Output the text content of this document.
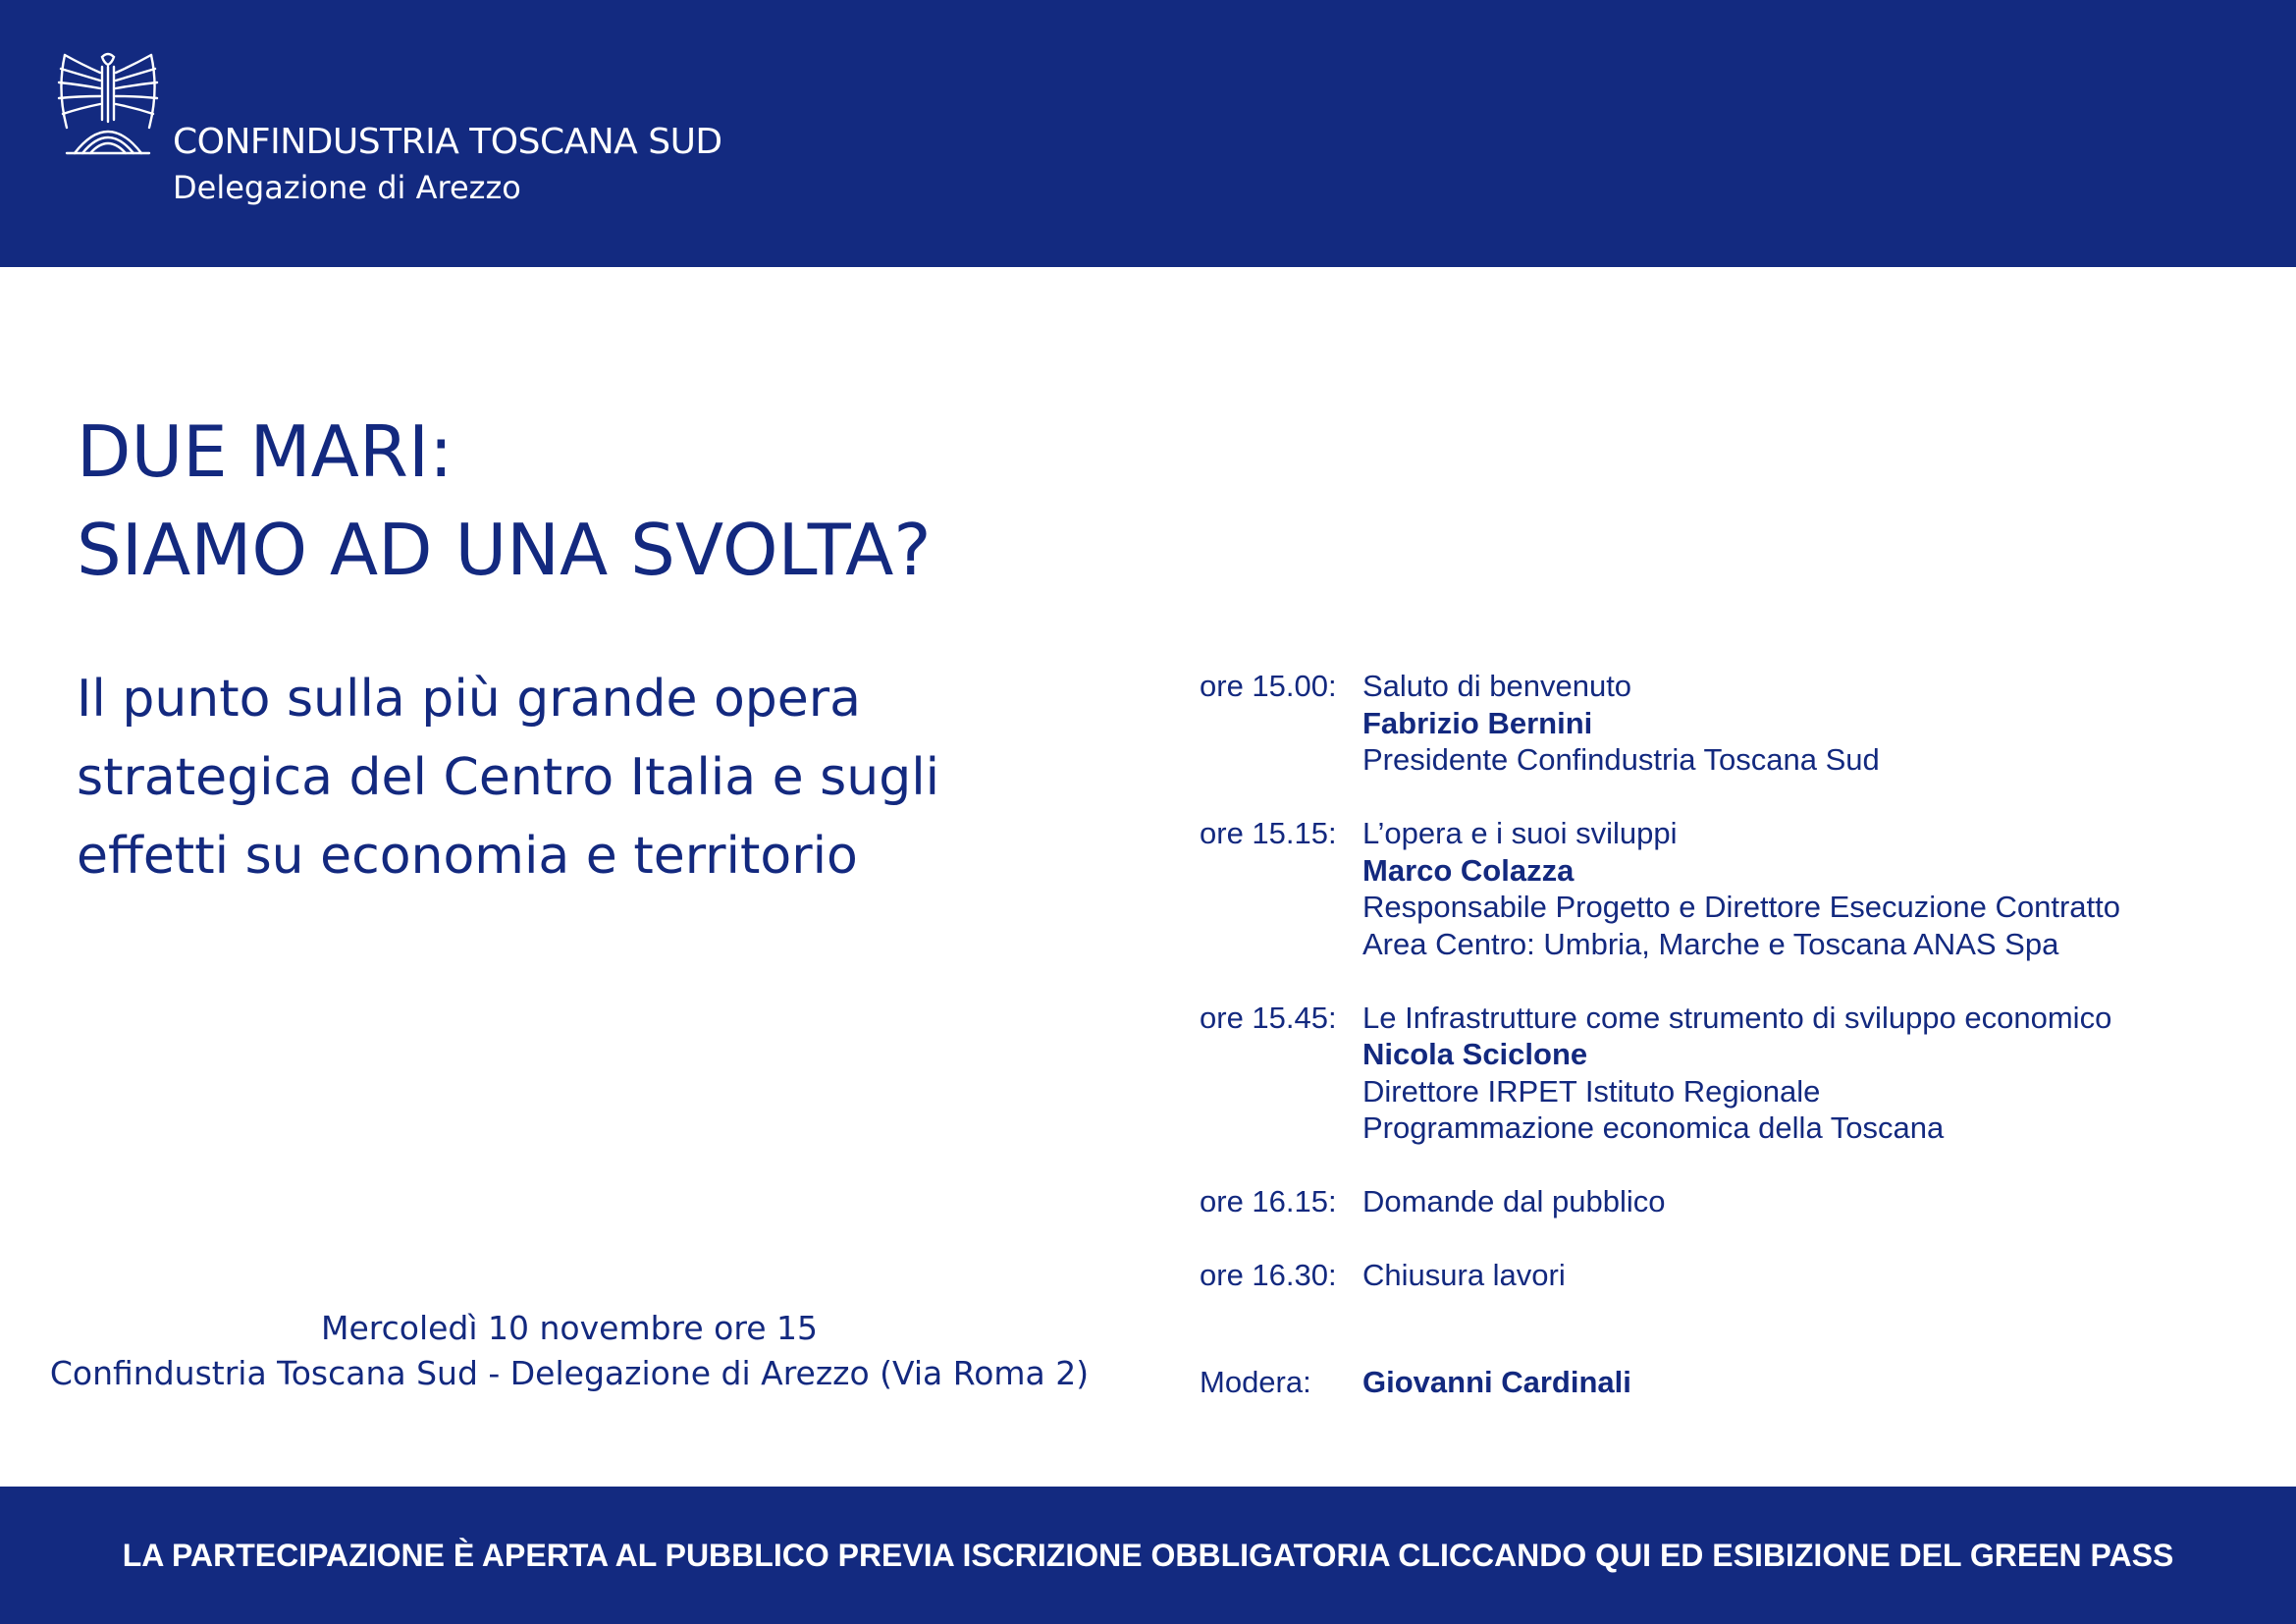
CONFINDUSTRIA TOSCANA SUD
Delegazione di Arezzo
DUE MARI:
SIAMO AD UNA SVOLTA?
Il punto sulla più grande opera
strategica del Centro Italia e sugli
effetti su economia e territorio
Mercoledì 10 novembre ore 15
Confindustria Toscana Sud - Delegazione di Arezzo (Via Roma 2)
ore 15.00: Saluto di benvenuto
Fabrizio Bernini
Presidente Confindustria Toscana Sud
ore 15.15: L’opera e i suoi sviluppi
Marco Colazza
Responsabile Progetto e Direttore Esecuzione Contratto
Area Centro: Umbria, Marche e Toscana ANAS Spa
ore 15.45: Le Infrastrutture come strumento di sviluppo economico
Nicola Sciclone
Direttore IRPET Istituto Regionale
Programmazione economica della Toscana
ore 16.15: Domande dal pubblico
ore 16.30: Chiusura lavori
Modera:	Giovanni Cardinali
LA PARTECIPAZIONE È APERTA AL PUBBLICO PREVIA ISCRIZIONE OBBLIGATORIA CLICCANDO QUI ED ESIBIZIONE DEL GREEN PASS
